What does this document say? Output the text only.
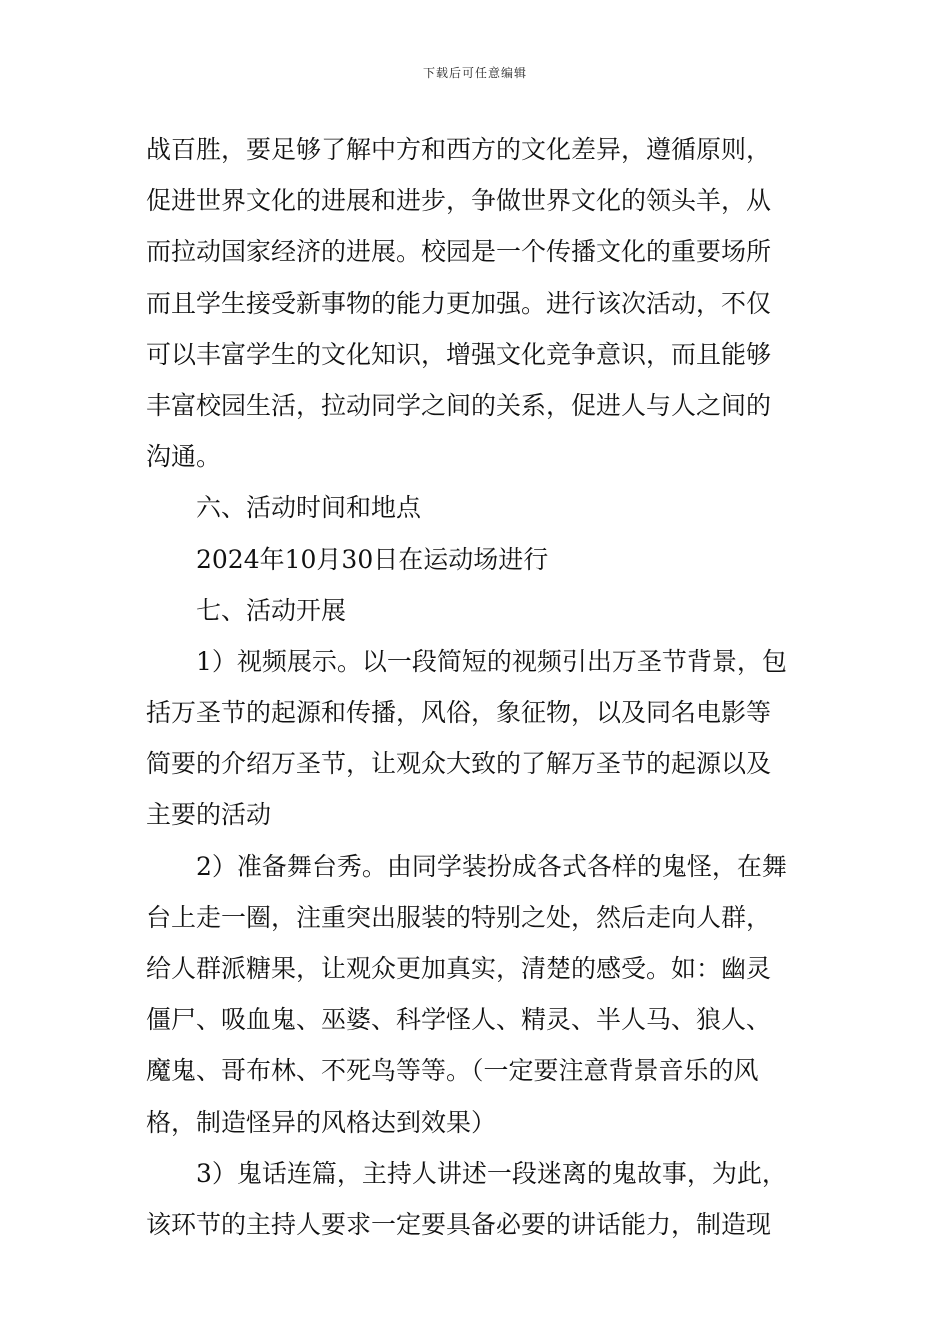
下载后可任意编辑
战百胜，要足够了解中方和西方的文化差异，遵循原则，
促进世界文化的进展和进步，争做世界文化的领头羊，从
而拉动国家经济的进展。校园是一个传播文化的重要场所
而且学生接受新事物的能力更加强。进行该次活动，不仅
可以丰富学生的文化知识，增强文化竞争意识，而且能够
丰富校园生活，拉动同学之间的关系，促进人与人之间的
沟通。
六、活动时间和地点
2024年10月30日在运动场进行
七、活动开展
1）视频展示。以一段简短的视频引出万圣节背景，包
括万圣节的起源和传播，风俗，象征物，以及同名电影等
简要的介绍万圣节，让观众大致的了解万圣节的起源以及
主要的活动
2）准备舞台秀。由同学装扮成各式各样的鬼怪，在舞
台上走一圈，注重突出服装的特别之处，然后走向人群，
给人群派糖果，让观众更加真实，清楚的感受。如：幽灵
僵尸、吸血鬼、巫婆、科学怪人、精灵、半人马、狼人、
魔鬼、哥布林、不死鸟等等。（一定要注意背景音乐的风
格，制造怪异的风格达到效果）
3）鬼话连篇，主持人讲述一段迷离的鬼故事，为此，
该环节的主持人要求一定要具备必要的讲话能力，制造现
